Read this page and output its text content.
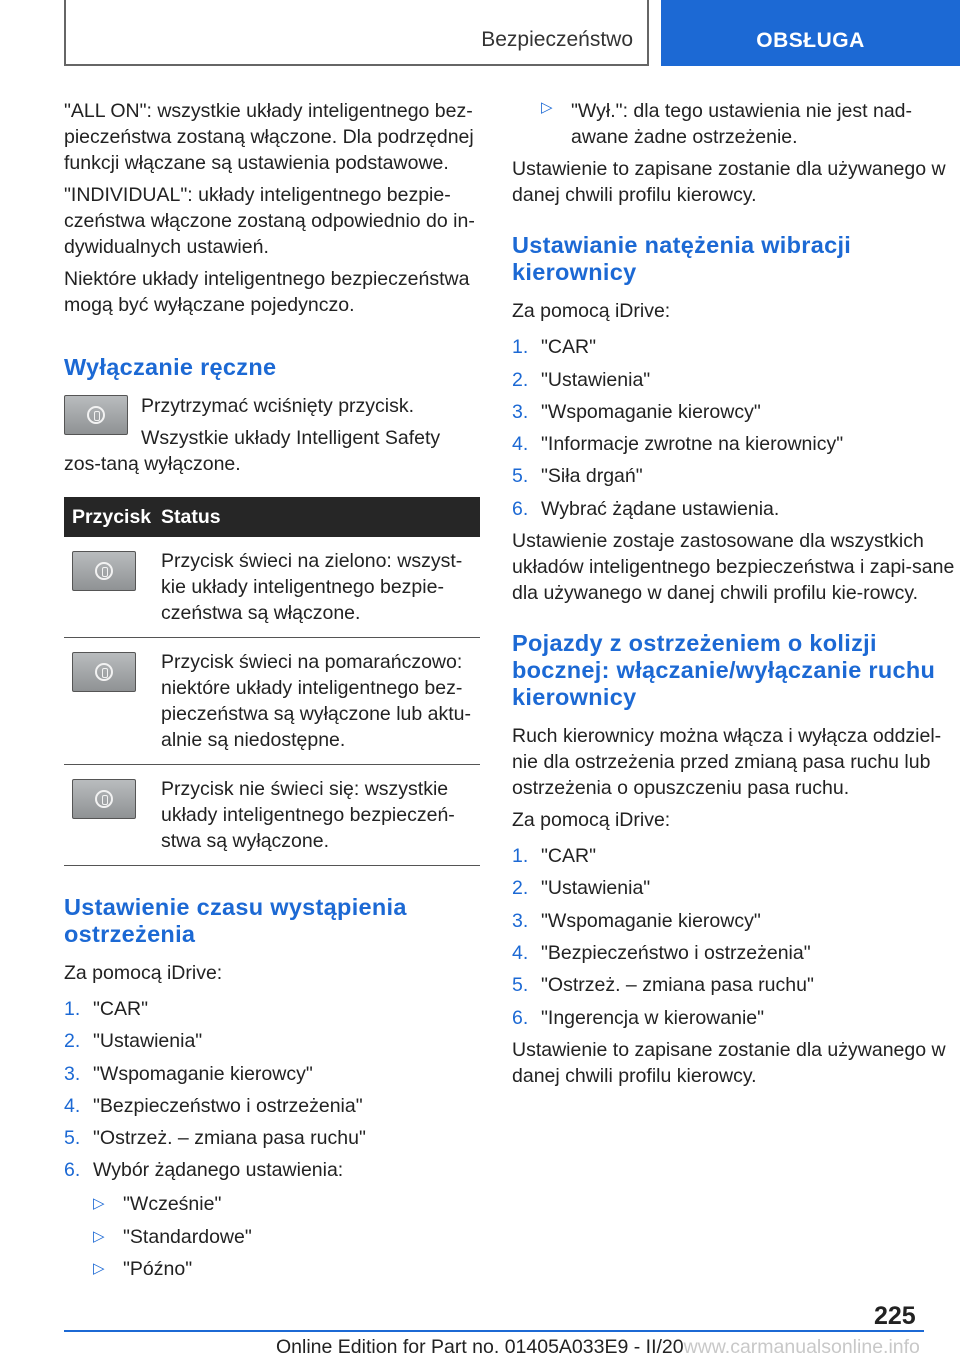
Bezpieczeństwo	OBSŁUGA

"ALL ON": wszystkie układy inteligentnego bez-pieczeństwa zostaną włączone. Dla podrzędnej funkcji włączane są ustawienia podstawowe.

"INDIVIDUAL": układy inteligentnego bezpie-czeństwa włączone zostaną odpowiednio do in-dywidualnych ustawień.

Niektóre układy inteligentnego bezpieczeństwa mogą być wyłączane pojedynczo.

Wyłączanie ręczne

Przytrzymać wciśnięty przycisk.

Wszystkie układy Intelligent Safety zos-taną wyłączone.

Przycisk	Status

	Przycisk świeci na zielono: wszyst-kie układy inteligentnego bezpie-czeństwa są włączone.

	Przycisk świeci na pomarańczowo: niektóre układy inteligentnego bez-pieczeństwa są wyłączone lub aktu-alnie są niedostępne.

	Przycisk nie świeci się: wszystkie układy inteligentnego bezpieczeń-stwa są wyłączone.
Ustawienie czasu wystąpienia ostrzeżenia

Za pomocą iDrive:

1. "CAR"
2. "Ustawienia"
3. "Wspomaganie kierowcy"
4. "Bezpieczeństwo i ostrzeżenia"
5. "Ostrzeż. – zmiana pasa ruchu"
6. Wybór żądanego ustawienia:
▷ "Wcześnie"
▷ "Standardowe"
▷ "Późno"
▷ "Wył.": dla tego ustawienia nie jest nad-awane żadne ostrzeżenie.

Ustawienie to zapisane zostanie dla używanego w danej chwili profilu kierowcy.

Ustawianie natężenia wibracji kierownicy

Za pomocą iDrive:

1. "CAR"
2. "Ustawienia"
3. "Wspomaganie kierowcy"
4. "Informacje zwrotne na kierownicy"
5. "Siła drgań"
6. Wybrać żądane ustawienia.

Ustawienie zostaje zastosowane dla wszystkich układów inteligentnego bezpieczeństwa i zapi-sane dla używanego w danej chwili profilu kie-rowcy.

Pojazdy z ostrzeżeniem o kolizji bocznej: włączanie/wyłączanie ruchu kierownicy

Ruch kierownicy można włącza i wyłącza oddziel-nie dla ostrzeżenia przed zmianą pasa ruchu lub ostrzeżenia o opuszczeniu pasa ruchu.

Za pomocą iDrive:

1. "CAR"
2. "Ustawienia"
3. "Wspomaganie kierowcy"
4. "Bezpieczeństwo i ostrzeżenia"
5. "Ostrzeż. – zmiana pasa ruchu"
6. "Ingerencja w kierowanie"

Ustawienie to zapisane zostanie dla używanego w danej chwili profilu kierowcy.

225
Online Edition for Part no. 01405A033E9 - II/20www.carmanualsonline.info
